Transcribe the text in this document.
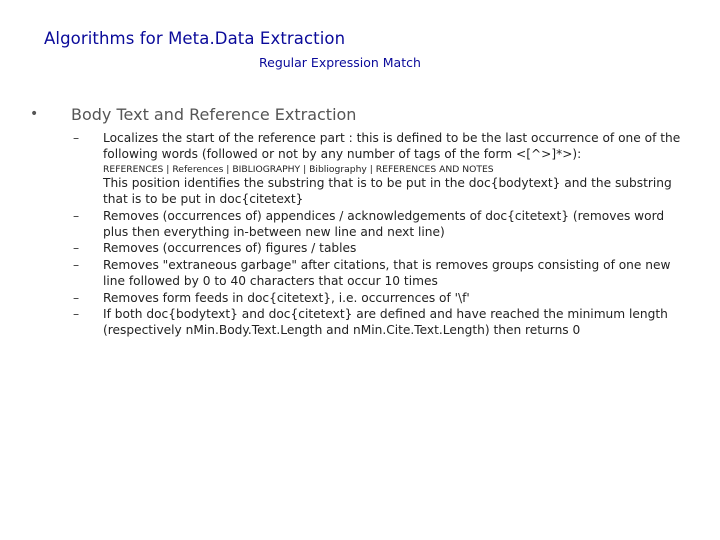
Algorithms for Meta.Data Extraction
Regular Expression Match
• Body Text and Reference Extraction
– Localizes the start of the reference part : this is defined to be the last occurrence of one of the following words (followed or not by any number of tags of the form <[^>]*>):
REFERENCES | References | BIBLIOGRAPHY | Bibliography | REFERENCES AND NOTES
This position identifies the substring that is to be put in the doc{bodytext} and the substring that is to be put in doc{citetext}
– Removes (occurrences of) appendices / acknowledgements of doc{citetext} (removes word plus then everything in-between new line and next line)
– Removes (occurrences of) figures / tables
– Removes "extraneous garbage" after citations, that is removes groups consisting of one new line followed by 0 to 40 characters that occur 10 times
– Removes form feeds in doc{citetext}, i.e. occurrences of '\f'
– If both doc{bodytext} and doc{citetext} are defined and have reached the minimum length (respectively nMin.Body.Text.Length and nMin.Cite.Text.Length) then returns 0
